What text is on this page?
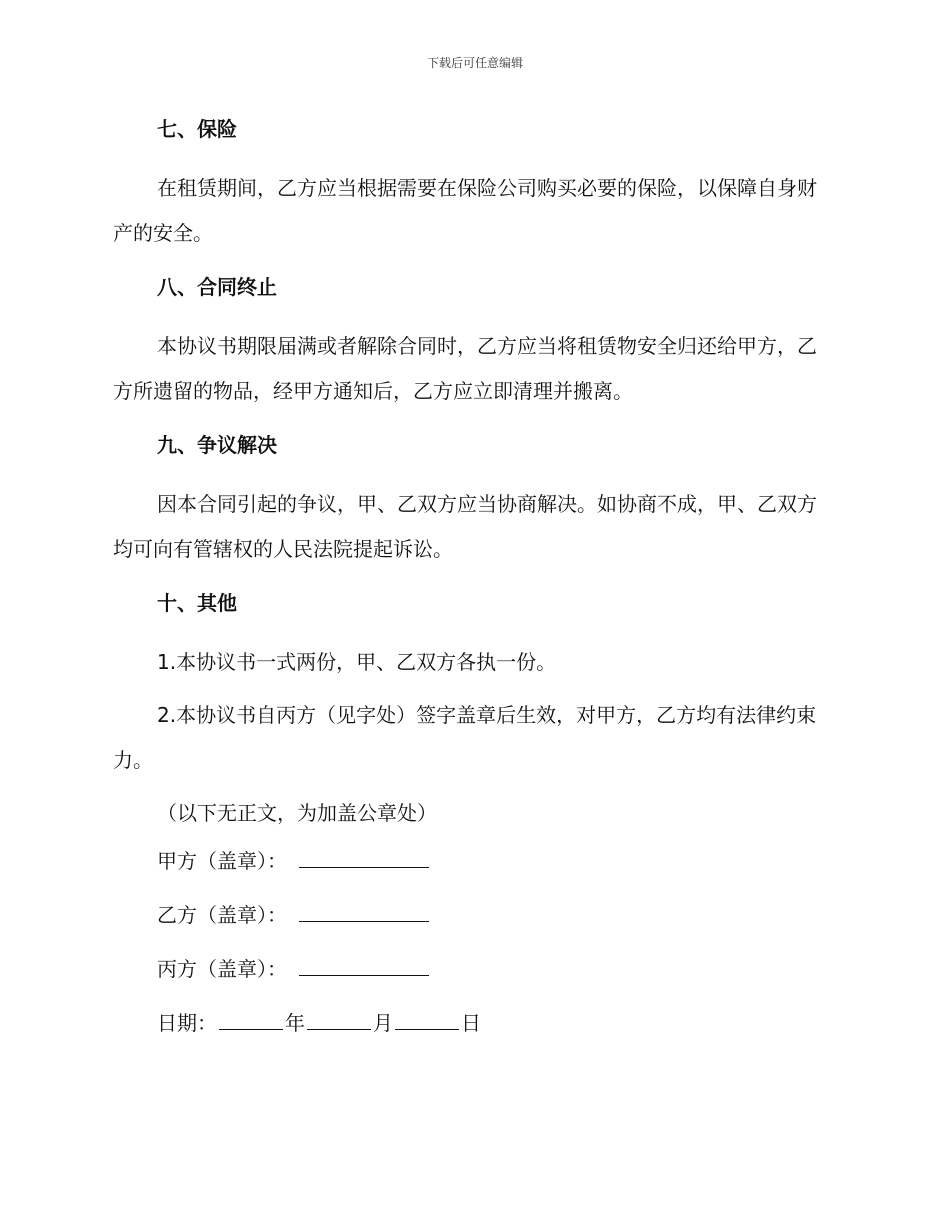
下载后可任意编辑
七、保险
在租赁期间，乙方应当根据需要在保险公司购买必要的保险，以保障自身财产的安全。
八、合同终止
本协议书期限届满或者解除合同时，乙方应当将租赁物安全归还给甲方，乙方所遗留的物品，经甲方通知后，乙方应立即清理并搬离。
九、争议解决
因本合同引起的争议，甲、乙双方应当协商解决。如协商不成，甲、乙双方均可向有管辖权的人民法院提起诉讼。
十、其他
1.本协议书一式两份，甲、乙双方各执一份。
2.本协议书自丙方（见字处）签字盖章后生效，对甲方，乙方均有法律约束力。
（以下无正文，为加盖公章处）
甲方（盖章）：
乙方（盖章）：
丙方（盖章）：
日期：	年	月	日
